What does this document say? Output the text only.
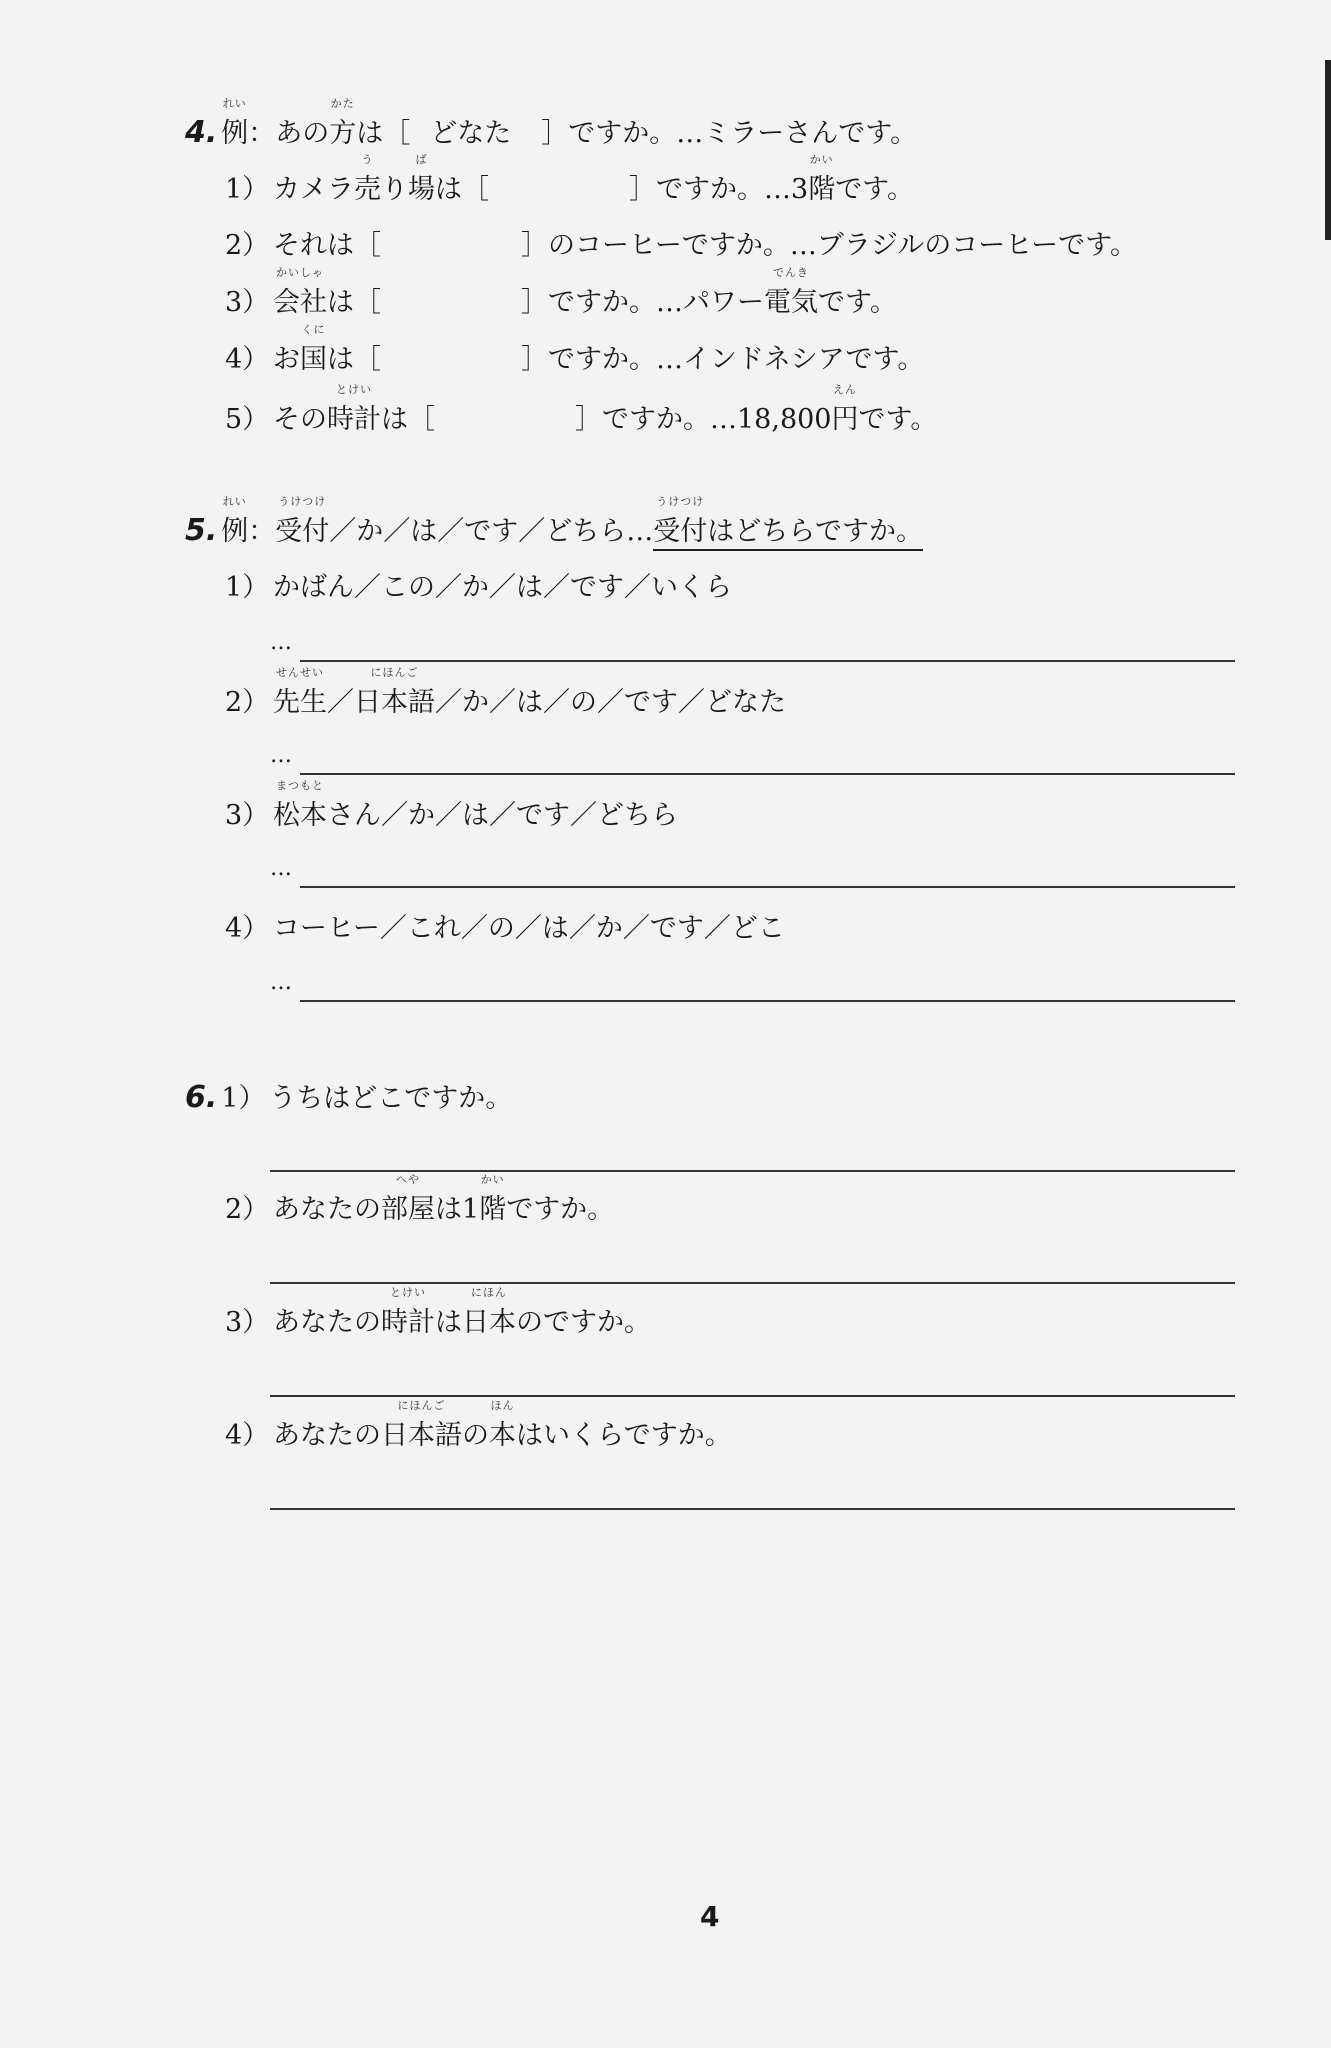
4.
れい
例：あの
かた
方は［ どなた ］ですか。…ミラーさんです。
1） カメラ
う
売り
ば
場は［	］ですか。…3
かい
階です。
2） それは［	］のコーヒーですか。…ブラジルのコーヒーです。
3）
かいしゃ
会社は［	］ですか。…パワー
でんき
電気です。
4） お
くに
国は［	］ですか。…インドネシアです。
5） その
とけい
時計は［	］ですか。…18,800
えん
円です。
5.
れい
例：
うけつけ
受付／か／は／です／どちら…
うけつけ
受付はどちらですか。
1） かばん／この／か／は／です／いくら
…
2）
せんせい
先生／
にほんご
日本語／か／は／の／です／どなた
…
3）
まつもと
松本さん／か／は／です／どちら
…
4） コーヒー／これ／の／は／か／です／どこ
…
6. 1） うちはどこですか。
2） あなたの
へや
部屋は1
かい
階ですか。
3） あなたの
とけい
時計は
にほん
日本のですか。
4） あなたの
にほんご
日本語の
ほん
本はいくらですか。
4
